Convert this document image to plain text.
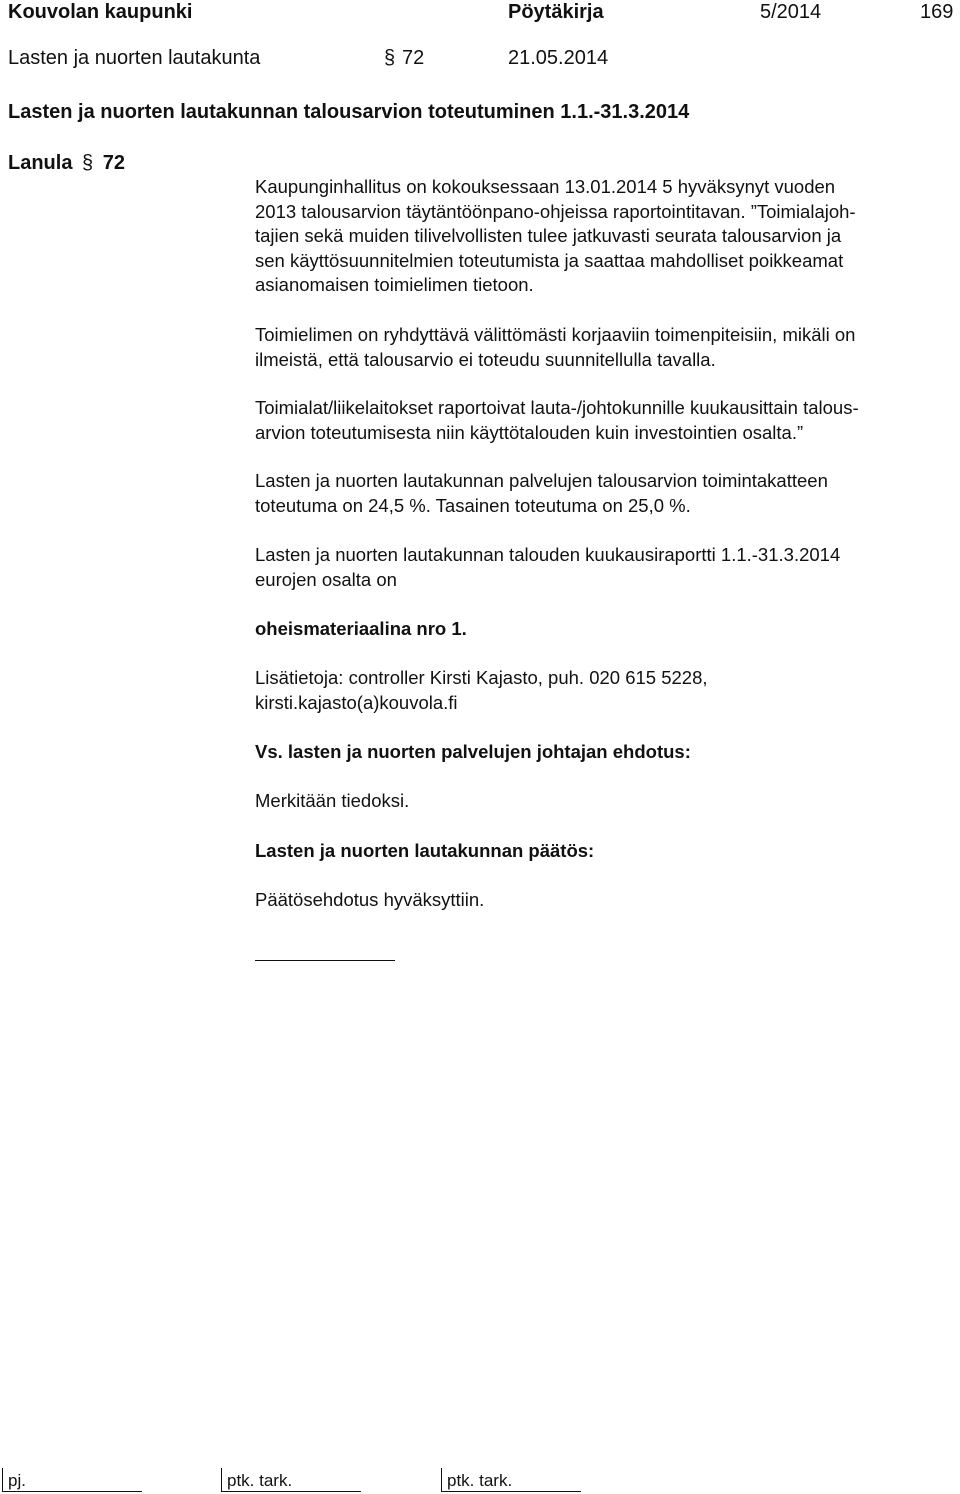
Kouvolan kaupunki	Pöytäkirja	5/2014	169
Lasten ja nuorten lautakunta	§ 72	21.05.2014
Lasten ja nuorten lautakunnan talousarvion toteutuminen 1.1.-31.3.2014
Lanula § 72
Kaupunginhallitus on kokouksessaan 13.01.2014 5 hyväksynyt vuoden
2013 talousarvion täytäntöönpano-ohjeissa raportointitavan. ”Toimialajoh-
tajien sekä muiden tilivelvollisten tulee jatkuvasti seurata talousarvion ja
sen käyttösuunnitelmien toteutumista ja saattaa mahdolliset poikkeamat
asianomaisen toimielimen tietoon.
Toimielimen on ryhdyttävä välittömästi korjaaviin toimenpiteisiin, mikäli on
ilmeistä, että talousarvio ei toteudu suunnitellulla tavalla.
Toimialat/liikelaitokset raportoivat lauta-/johtokunnille kuukausittain talous-
arvion toteutumisesta niin käyttötalouden kuin investointien osalta.”
Lasten ja nuorten lautakunnan palvelujen talousarvion toimintakatteen
toteutuma on 24,5 %. Tasainen toteutuma on 25,0 %.
Lasten ja nuorten lautakunnan talouden kuukausiraportti 1.1.-31.3.2014
eurojen osalta on
oheismateriaalina nro 1.
Lisätietoja: controller Kirsti Kajasto, puh. 020 615 5228,
kirsti.kajasto(a)kouvola.fi
Vs. lasten ja nuorten palvelujen johtajan ehdotus:
Merkitään tiedoksi.
Lasten ja nuorten lautakunnan päätös:
Päätösehdotus hyväksyttiin.
pj.	ptk. tark.	ptk. tark.
